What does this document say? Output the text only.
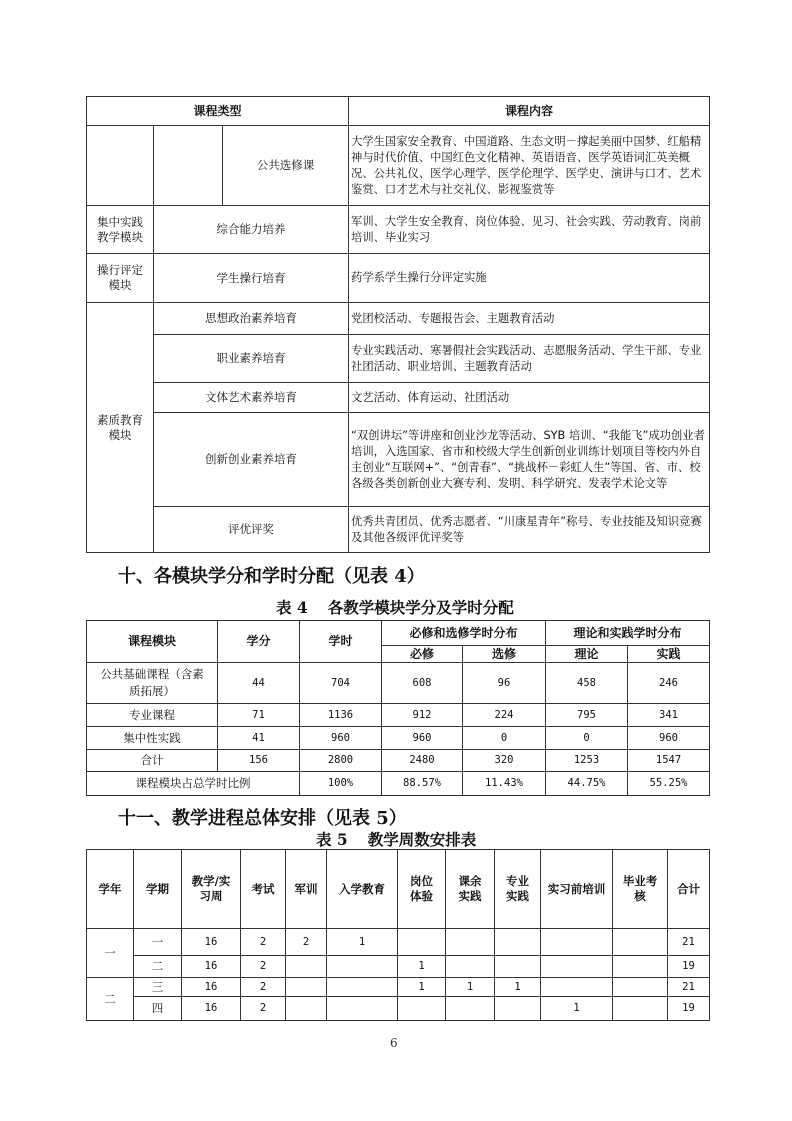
课程类型			课程内容
		公共选修课	大学生国家安全教育、中国道路、生态文明－撑起美丽中国梦、红船精神与时代价值、中国红色文化精神、英语语音、医学英语词汇英美概况、公共礼仪、医学心理学、医学伦理学、医学史、演讲与口才、艺术鉴赏、口才艺术与社交礼仪、影视鉴赏等
集中实践教学模块	综合能力培养		军训、大学生安全教育、岗位体验、见习、社会实践、劳动教育、岗前培训、毕业实习
操行评定模块	学生操行培育		药学系学生操行分评定实施
素质教育模块	思想政治素养培育		党团校活动、专题报告会、主题教育活动
	职业素养培育		专业实践活动、寒暑假社会实践活动、志愿服务活动、学生干部、专业社团活动、职业培训、主题教育活动
	文体艺术素养培育		文艺活动、体育运动、社团活动
	创新创业素养培育		“双创讲坛”等讲座和创业沙龙等活动、SYB 培训、“我能飞”成功创业者培训，入选国家、省市和校级大学生创新创业训练计划项目等校内外自主创业“互联网+”、“创青春”、“挑战杯－彩虹人生”等国、省、市、校各级各类创新创业大赛专利、发明、科学研究、发表学术论文等
	评优评奖		优秀共青团员、优秀志愿者、“川康星青年”称号、专业技能及知识竞赛及其他各级评优评奖等
十、各模块学分和学时分配（见表 4）
表 4 各教学模块学分及学时分配
课程模块	学分	学时	必修和选修学时分布		理论和实践学时分布	
			必修	选修	理论	实践
公共基础课程（含素质拓展）	44	704	608	96	458	246
专业课程	71	1136	912	224	795	341
集中性实践	41	960	960	0	0	960
合计	156	2800	2480	320	1253	1547
课程模块占总学时比例		100%	88.57%	11.43%	44.75%	55.25%
十一、教学进程总体安排（见表 5）
表 5 教学周数安排表
学年	学期	教学/实习周	考试	军训	入学教育	岗位体验	课余实践	专业实践	实习前培训	毕业考核	合计
一	一	16	2	2	1						21
	二	16	2			1					19
二	三	16	2			1	1	1			21
	四	16	2						1		19
6
